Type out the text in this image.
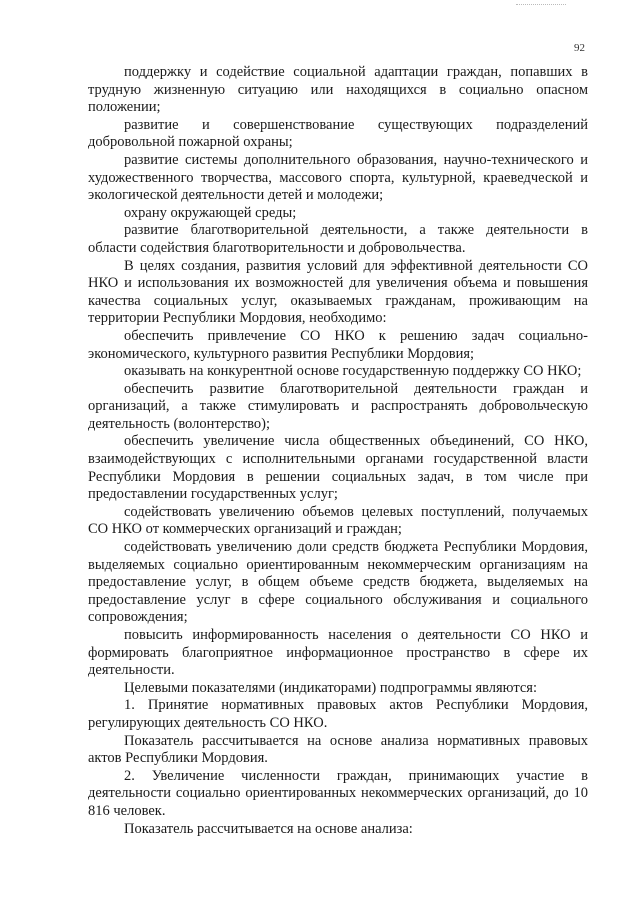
92

поддержку и содействие социальной адаптации граждан, попавших в трудную жизненную ситуацию или находящихся в социально опасном положении;

развитие и совершенствование существующих подразделений добровольной пожарной охраны;

развитие системы дополнительного образования, научно-технического и художественного творчества, массового спорта, культурной, краеведческой и экологической деятельности детей и молодежи;

охрану окружающей среды;

развитие благотворительной деятельности, а также деятельности в области содействия благотворительности и добровольчества.

В целях создания, развития условий для эффективной деятельности СО НКО и использования их возможностей для увеличения объема и повышения качества социальных услуг, оказываемых гражданам, проживающим на территории Республики Мордовия, необходимо:

обеспечить привлечение СО НКО к решению задач социально-экономического, культурного развития Республики Мордовия;

оказывать на конкурентной основе государственную поддержку СО НКО;

обеспечить развитие благотворительной деятельности граждан и организаций, а также стимулировать и распространять добровольческую деятельность (волонтерство);

обеспечить увеличение числа общественных объединений, СО НКО, взаимодействующих с исполнительными органами государственной власти Республики Мордовия в решении социальных задач, в том числе при предоставлении государственных услуг;

содействовать увеличению объемов целевых поступлений, получаемых СО НКО от коммерческих организаций и граждан;

содействовать увеличению доли средств бюджета Республики Мордовия, выделяемых социально ориентированным некоммерческим организациям на предоставление услуг, в общем объеме средств бюджета, выделяемых на предоставление услуг в сфере социального обслуживания и социального сопровождения;

повысить информированность населения о деятельности СО НКО и формировать благоприятное информационное пространство в сфере их деятельности.

Целевыми показателями (индикаторами) подпрограммы являются:

1. Принятие нормативных правовых актов Республики Мордовия, регулирующих деятельность СО НКО.

Показатель рассчитывается на основе анализа нормативных правовых актов Республики Мордовия.

2. Увеличение численности граждан, принимающих участие в деятельности социально ориентированных некоммерческих организаций, до 10 816 человек.

Показатель рассчитывается на основе анализа:
